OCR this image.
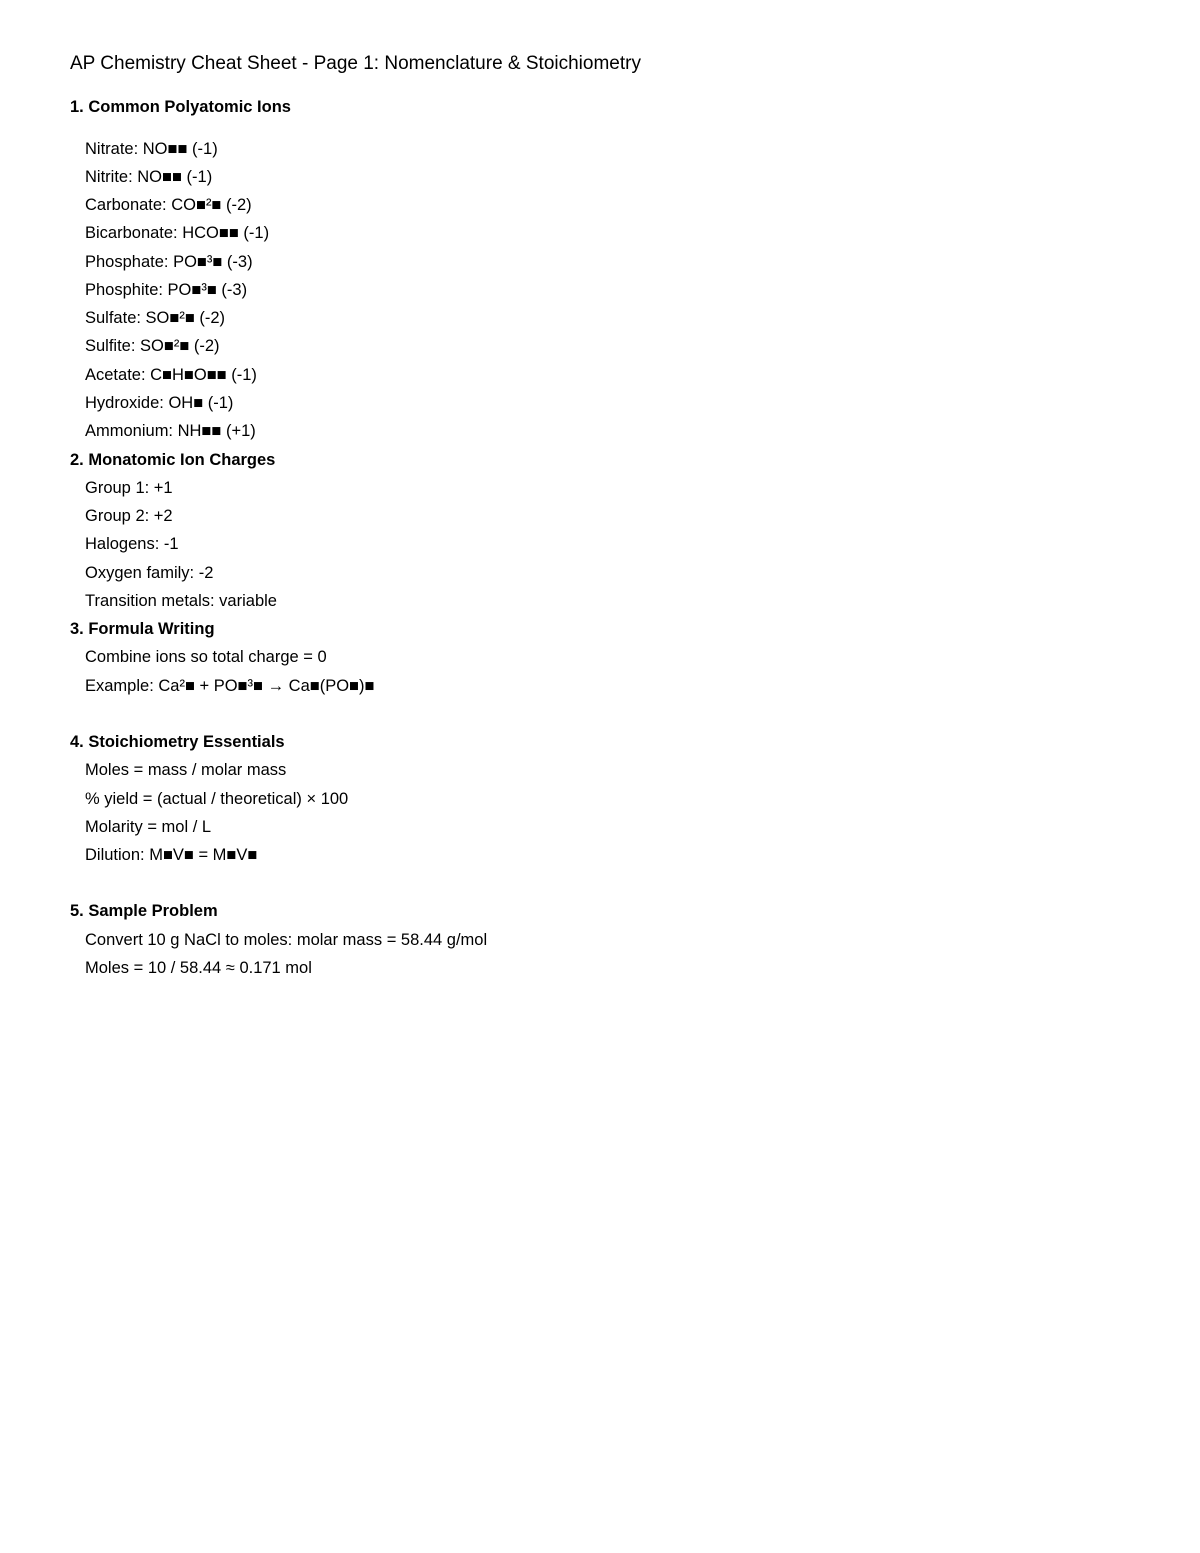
AP Chemistry Cheat Sheet - Page 1: Nomenclature & Stoichiometry
1. Common Polyatomic Ions
Nitrate: NO■■ (-1)
Nitrite: NO■■ (-1)
Carbonate: CO■²■ (-2)
Bicarbonate: HCO■■ (-1)
Phosphate: PO■³■ (-3)
Phosphite: PO■³■ (-3)
Sulfate: SO■²■ (-2)
Sulfite: SO■²■ (-2)
Acetate: C■H■O■■ (-1)
Hydroxide: OH■ (-1)
Ammonium: NH■■ (+1)
2. Monatomic Ion Charges
Group 1: +1
Group 2: +2
Halogens: -1
Oxygen family: -2
Transition metals: variable
3. Formula Writing
Combine ions so total charge = 0
Example: Ca²■ + PO■³■ → Ca■(PO■)■
4. Stoichiometry Essentials
Moles = mass / molar mass
% yield = (actual / theoretical) × 100
Molarity = mol / L
Dilution: M■V■ = M■V■
5. Sample Problem
Convert 10 g NaCl to moles: molar mass = 58.44 g/mol
Moles = 10 / 58.44 ≈ 0.171 mol
